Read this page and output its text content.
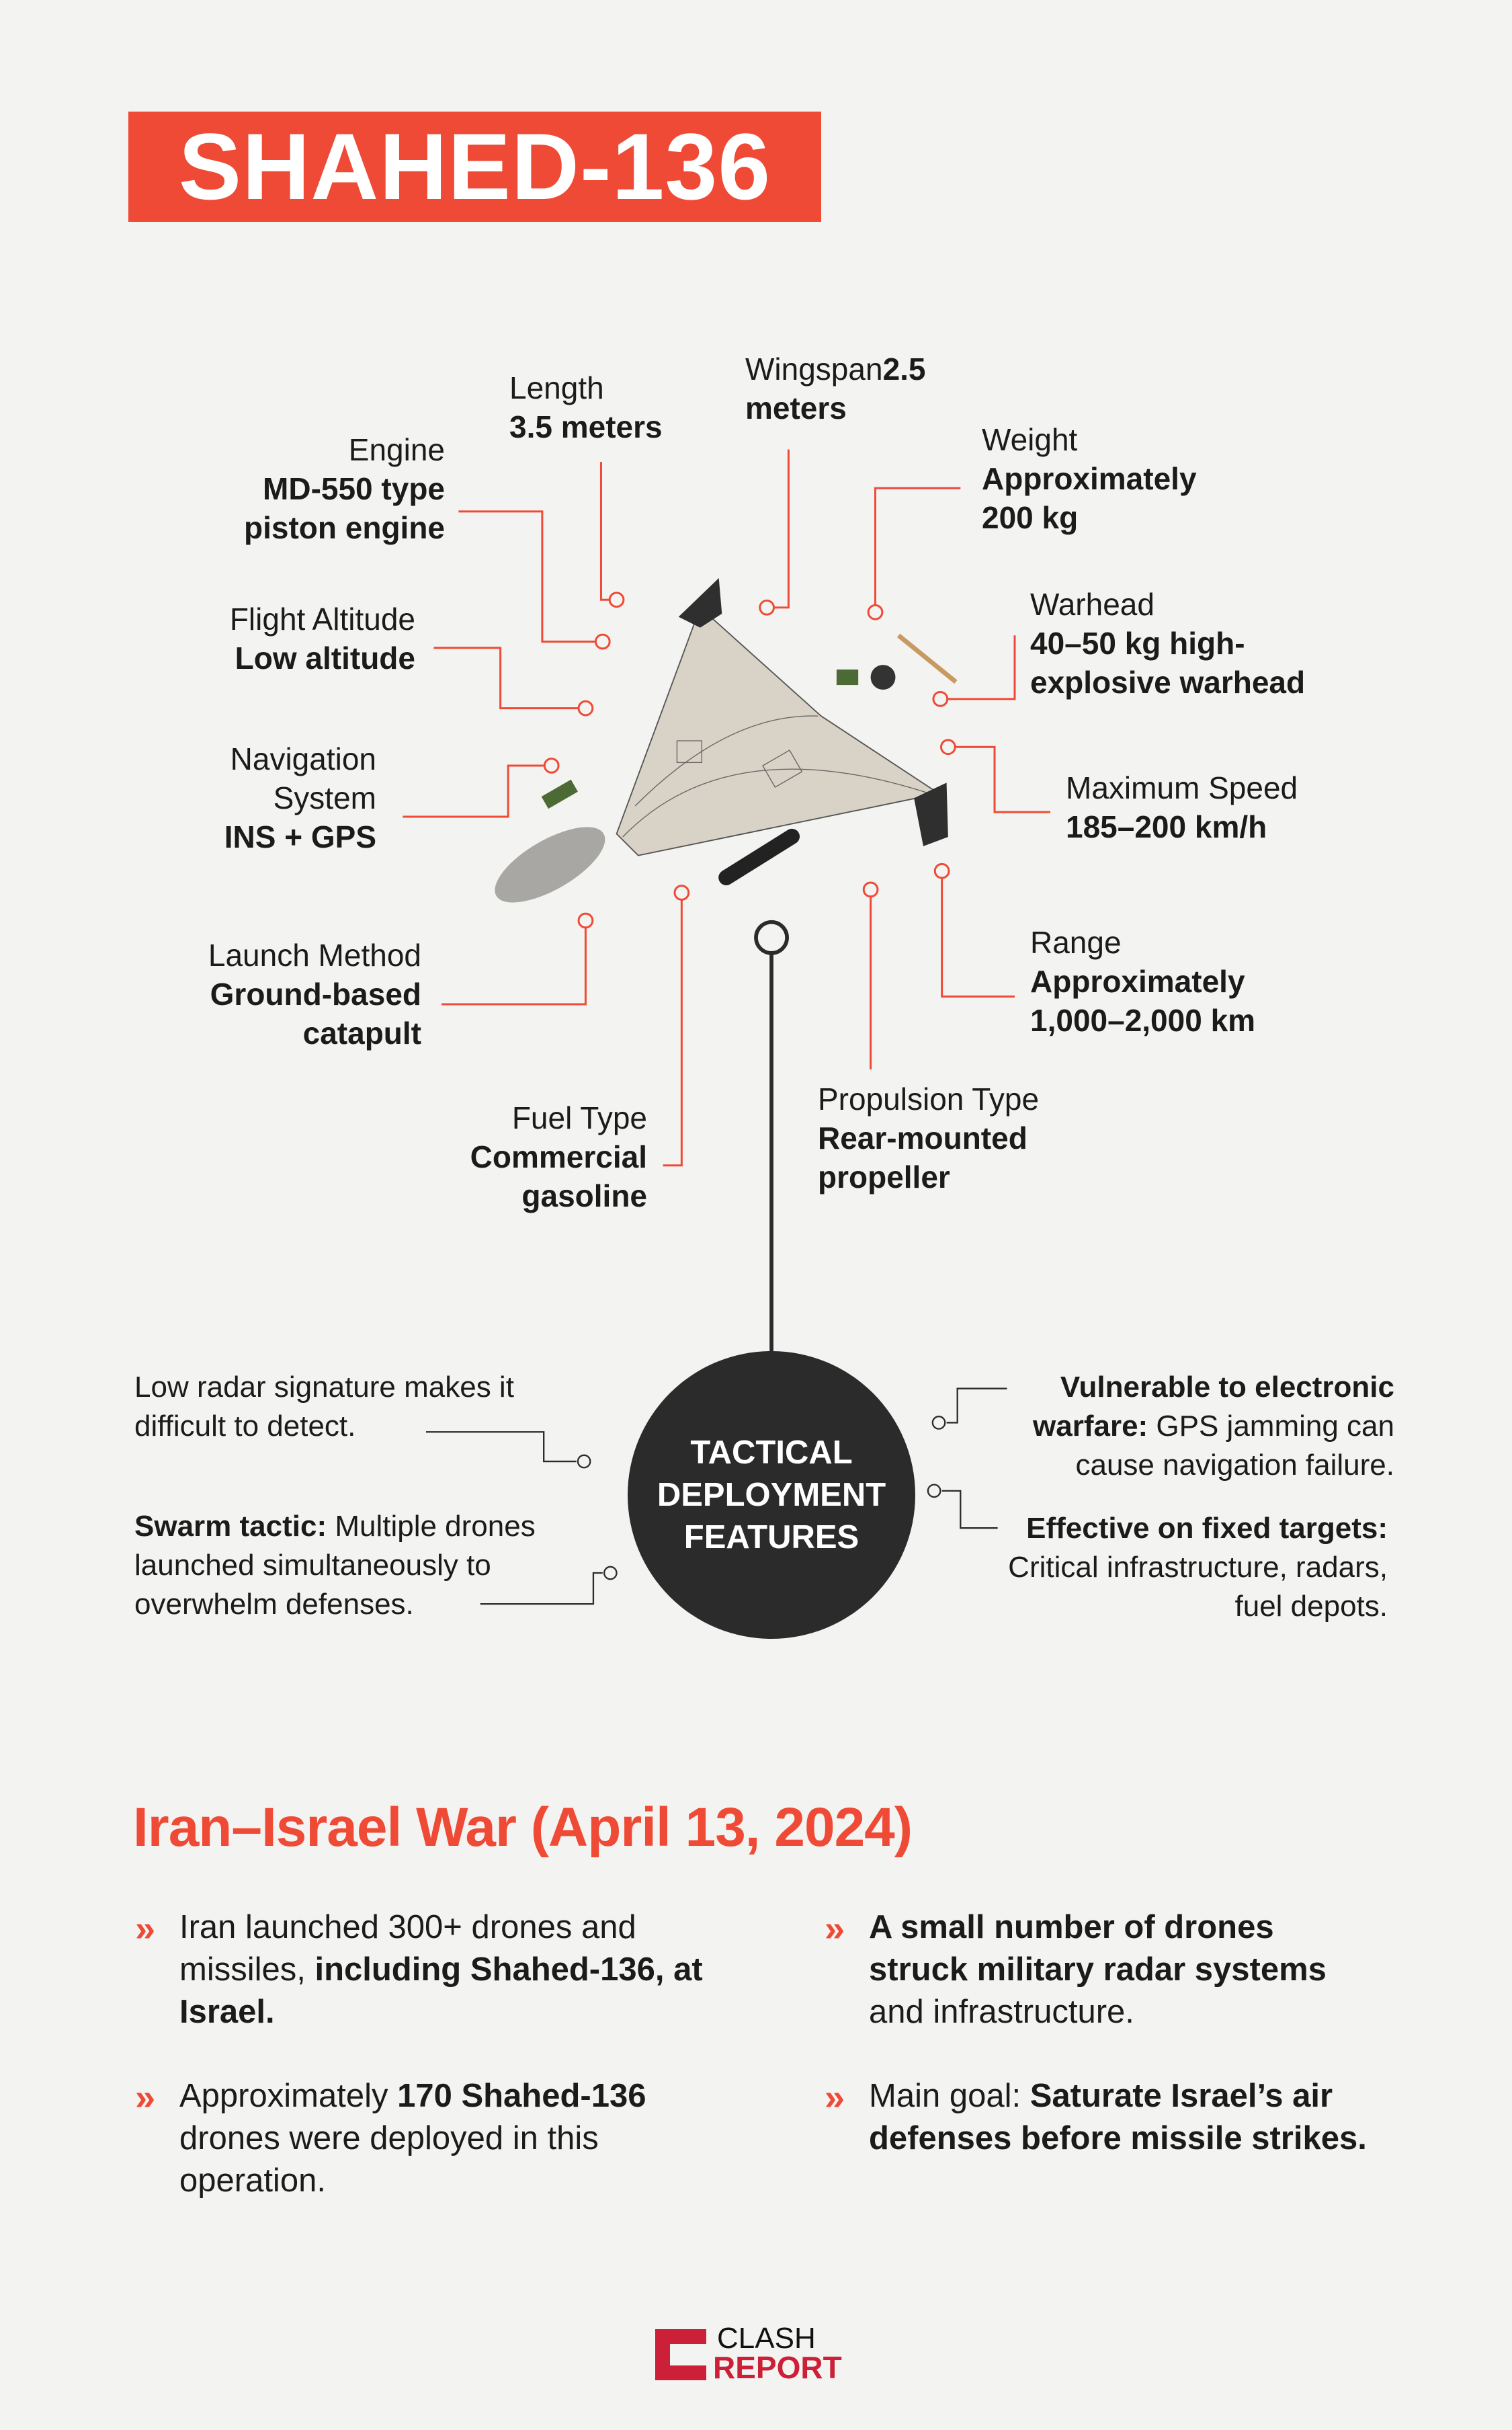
SHAHED-136
Length
3.5 meters
Wingspan2.5
meters
Engine
MD-550 type
piston engine
Weight
Approximately
200 kg
Warhead
40–50 kg high-
explosive warhead
Flight Altitude
Low altitude
Navigation
System
INS + GPS
Maximum Speed
185–200 km/h
Range
Approximately
1,000–2,000 km
Launch Method
Ground-based
catapult
Fuel Type
Commercial
gasoline
Propulsion Type
Rear-mounted
propeller
TACTICAL
DEPLOYMENT
FEATURES
Low radar signature makes it
difficult to detect.
Swarm tactic: Multiple drones launched simultaneously to overwhelm defenses.
Vulnerable to electronic warfare: GPS jamming can cause navigation failure.
Effective on fixed targets: Critical infrastructure, radars, fuel depots.
Iran–Israel War (April 13, 2024)
» Iran launched 300+ drones and missiles, including Shahed-136, at Israel.
» A small number of drones struck military radar systems and infrastructure.
» Approximately 170 Shahed-136 drones were deployed in this operation.
» Main goal: Saturate Israel’s air defenses before missile strikes.
CLASH
REPORT
